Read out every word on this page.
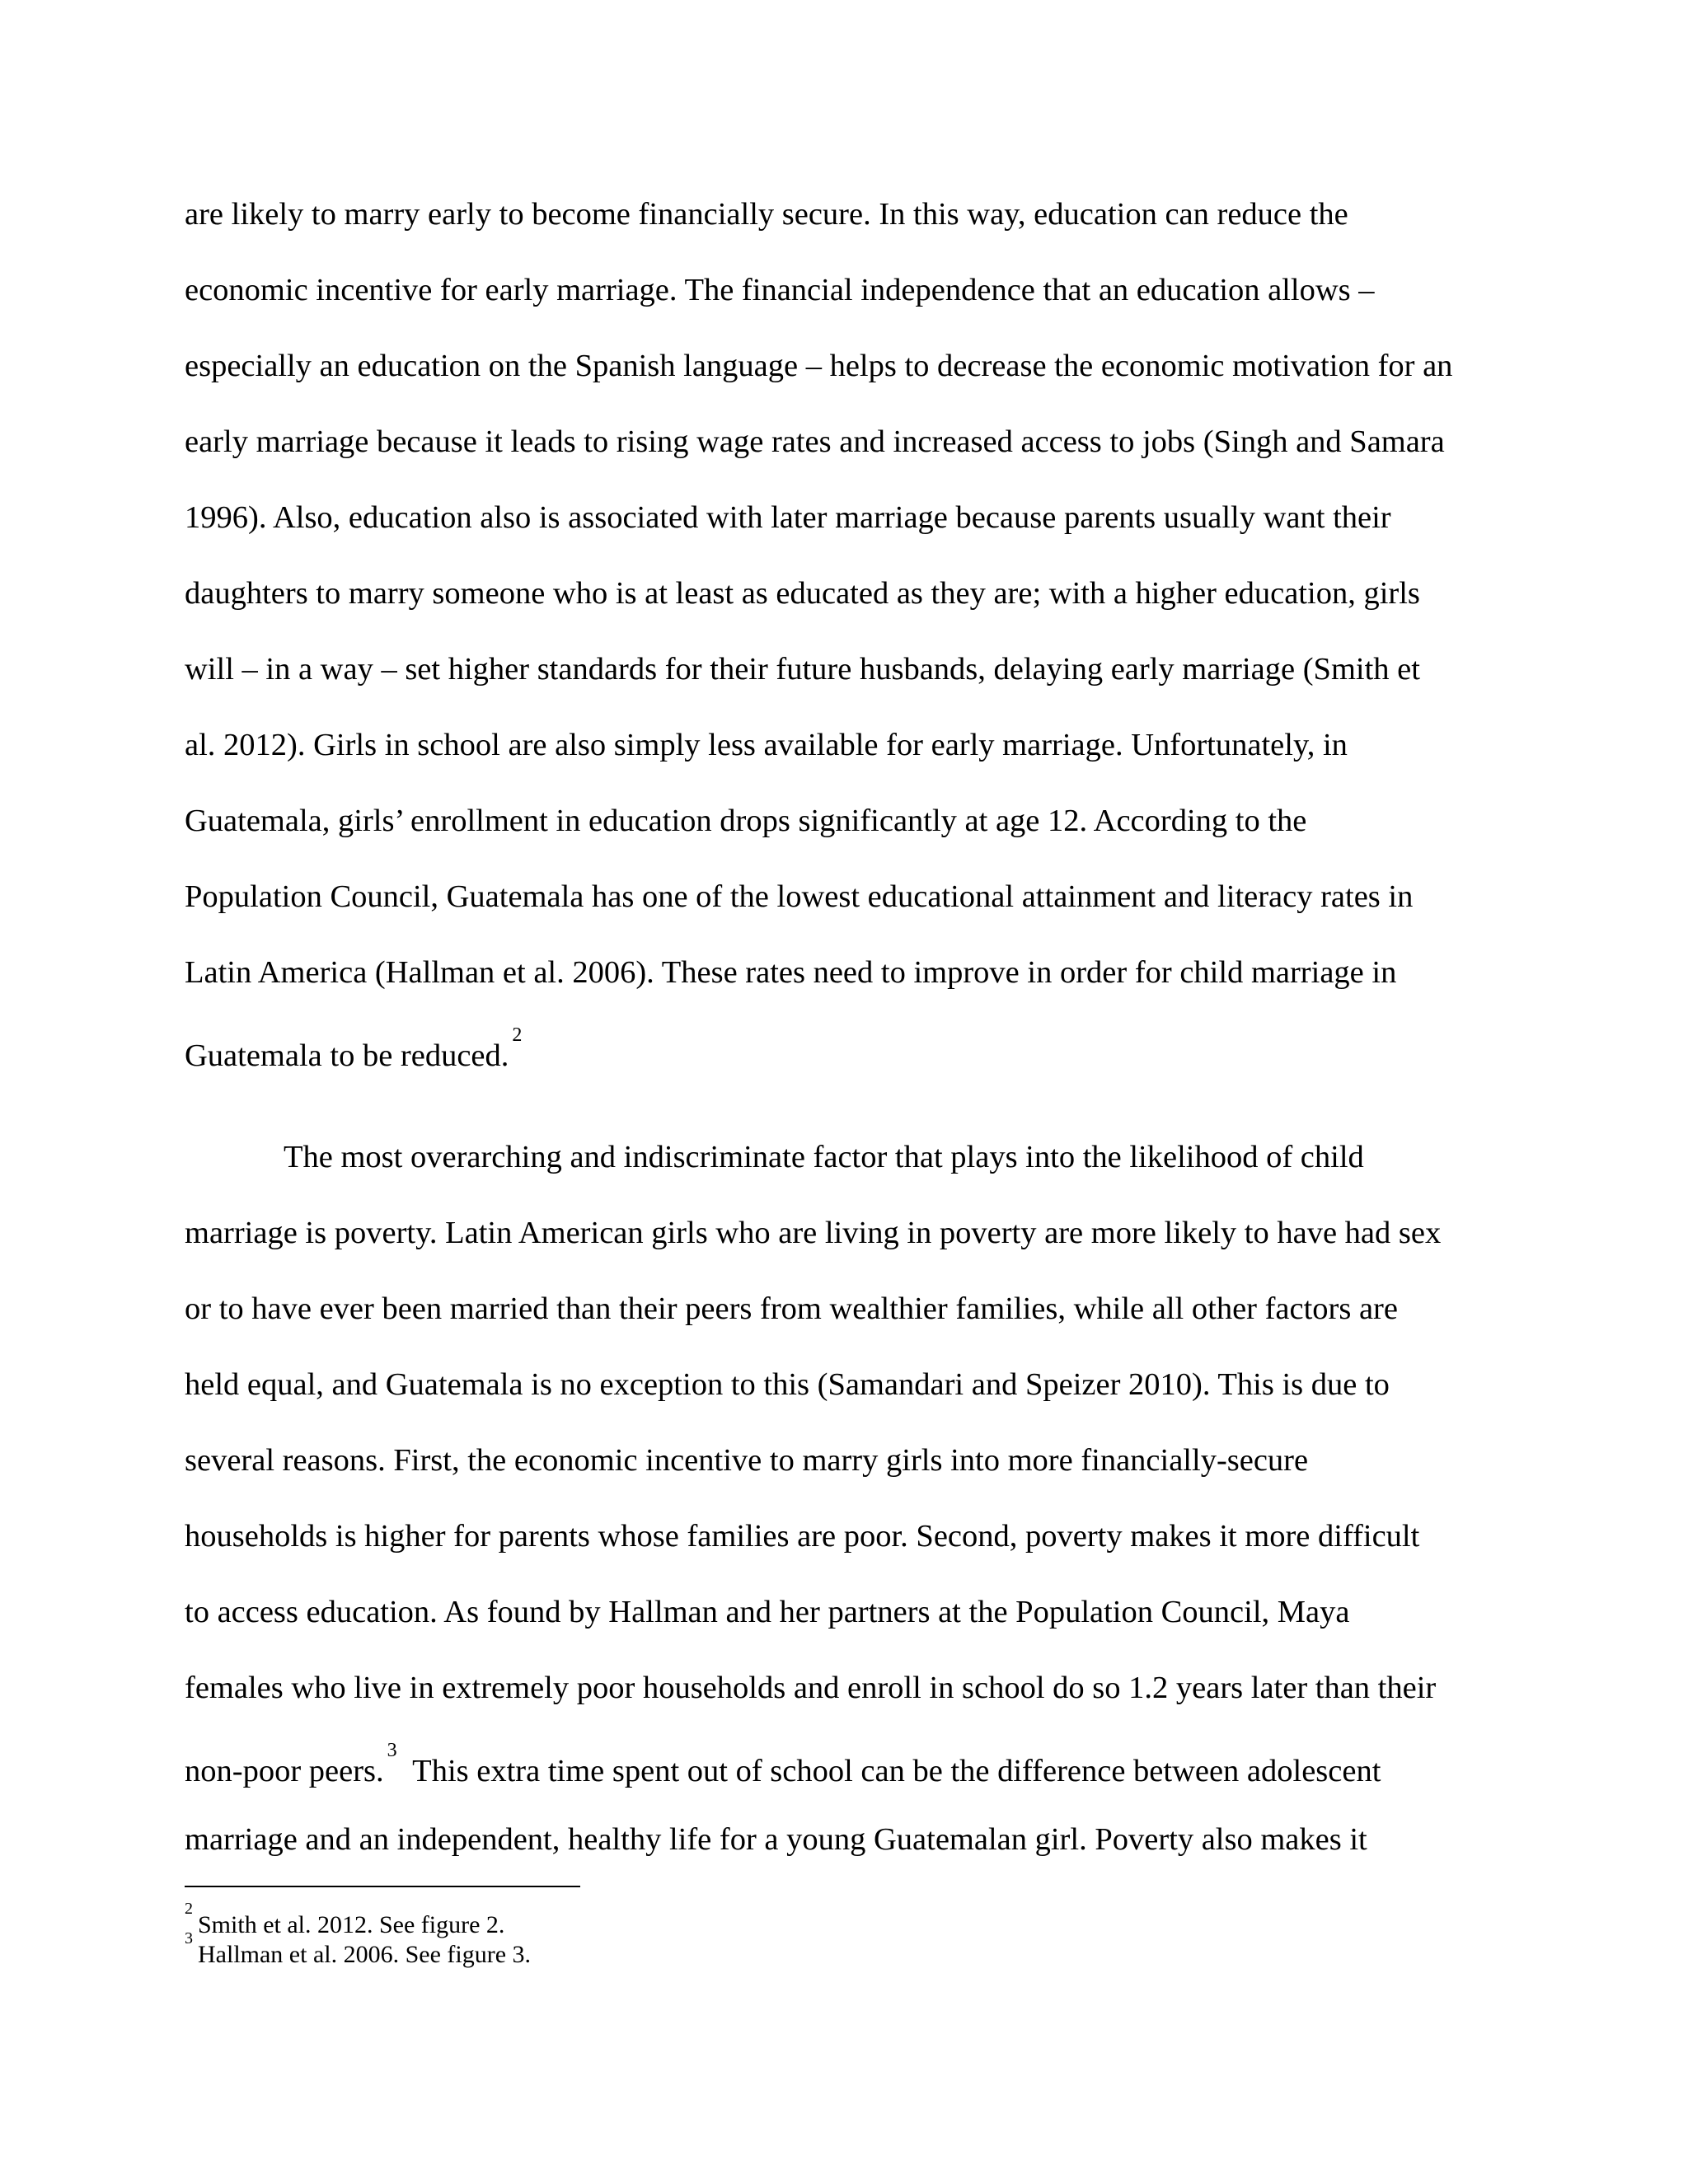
are likely to marry early to become financially secure. In this way, education can reduce the
economic incentive for early marriage. The financial independence that an education allows –
especially an education on the Spanish language – helps to decrease the economic motivation for an
early marriage because it leads to rising wage rates and increased access to jobs (Singh and Samara
1996). Also, education also is associated with later marriage because parents usually want their
daughters to marry someone who is at least as educated as they are; with a higher education, girls
will – in a way – set higher standards for their future husbands, delaying early marriage (Smith et
al. 2012). Girls in school are also simply less available for early marriage. Unfortunately, in
Guatemala, girls’ enrollment in education drops significantly at age 12. According to the
Population Council, Guatemala has one of the lowest educational attainment and literacy rates in
Latin America (Hallman et al. 2006). These rates need to improve in order for child marriage in
Guatemala to be reduced.$^2$
The most overarching and indiscriminate factor that plays into the likelihood of child
marriage is poverty. Latin American girls who are living in poverty are more likely to have had sex
or to have ever been married than their peers from wealthier families, while all other factors are
held equal, and Guatemala is no exception to this (Samandari and Speizer 2010). This is due to
several reasons. First, the economic incentive to marry girls into more financially-secure
households is higher for parents whose families are poor. Second, poverty makes it more difficult
to access education. As found by Hallman and her partners at the Population Council, Maya
females who live in extremely poor households and enroll in school do so 1.2 years later than their
non-poor peers.$^3$  This extra time spent out of school can be the difference between adolescent
marriage and an independent, healthy life for a young Guatemalan girl. Poverty also makes it
$^2$Smith et al. 2012. See figure 2.
$^3$Hallman et al. 2006. See figure 3.
